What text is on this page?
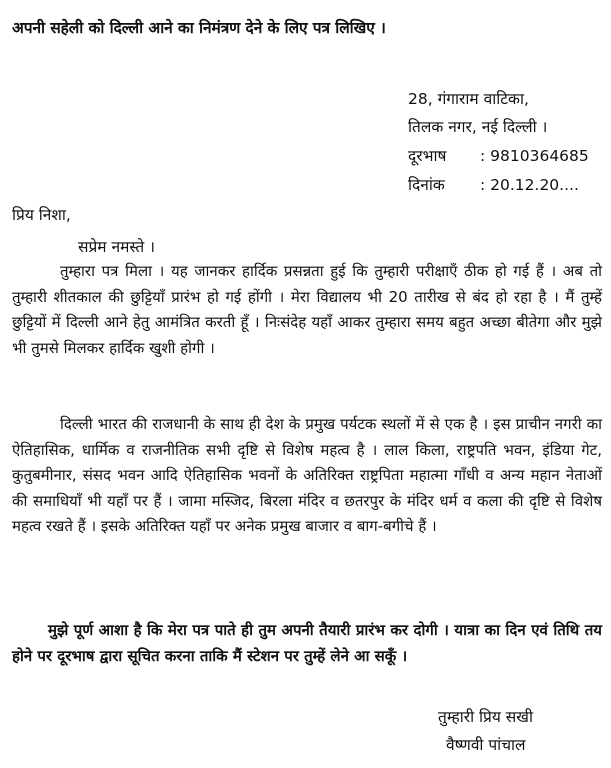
अपनी सहेली को दिल्ली आने का निमंत्रण देने के लिए पत्र लिखिए ।
28, गंगाराम वाटिका,
तिलक नगर, नई दिल्ली ।
दूरभाष : 9810364685
दिनांक : 20.12.20....
प्रिय निशा,
सप्रेम नमस्ते ।

तुम्हारा पत्र मिला । यह जानकर हार्दिक प्रसन्नता हुई कि तुम्हारी परीक्षाएँ ठीक हो गई हैं । अब तो तुम्हारी शीतकाल की छुट्टियाँ प्रारंभ हो गई होंगी । मेरा विद्यालय भी 20 तारीख से बंद हो रहा है । मैं तुम्हें छुट्टियों में दिल्ली आने हेतु आमंत्रित करती हूँ । निःसंदेह यहाँ आकर तुम्हारा समय बहुत अच्छा बीतेगा और मुझे भी तुमसे मिलकर हार्दिक खुशी होगी ।

दिल्ली भारत की राजधानी के साथ ही देश के प्रमुख पर्यटक स्थलों में से एक है । इस प्राचीन नगरी का ऐतिहासिक, धार्मिक व राजनीतिक सभी दृष्टि से विशेष महत्व है । लाल किला, राष्ट्रपति भवन, इंडिया गेट, कुतुबमीनार, संसद भवन आदि ऐतिहासिक भवनों के अतिरिक्त राष्ट्रपिता महात्मा गाँधी व अन्य महान नेताओं की समाधियाँ भी यहाँ पर हैं । जामा मस्जिद, बिरला मंदिर व छतरपुर के मंदिर धर्म व कला की दृष्टि से विशेष महत्व रखते हैं । इसके अतिरिक्त यहाँ पर अनेक प्रमुख बाजार व बाग-बगीचे हैं ।

मुझे पूर्ण आशा है कि मेरा पत्र पाते ही तुम अपनी तैयारी प्रारंभ कर दोगी । यात्रा का दिन एवं तिथि तय होने पर दूरभाष द्वारा सूचित करना ताकि मैं स्टेशन पर तुम्हें लेने आ सकूँ ।

तुम्हारी प्रिय सखी
वैष्णवी पांचाल
